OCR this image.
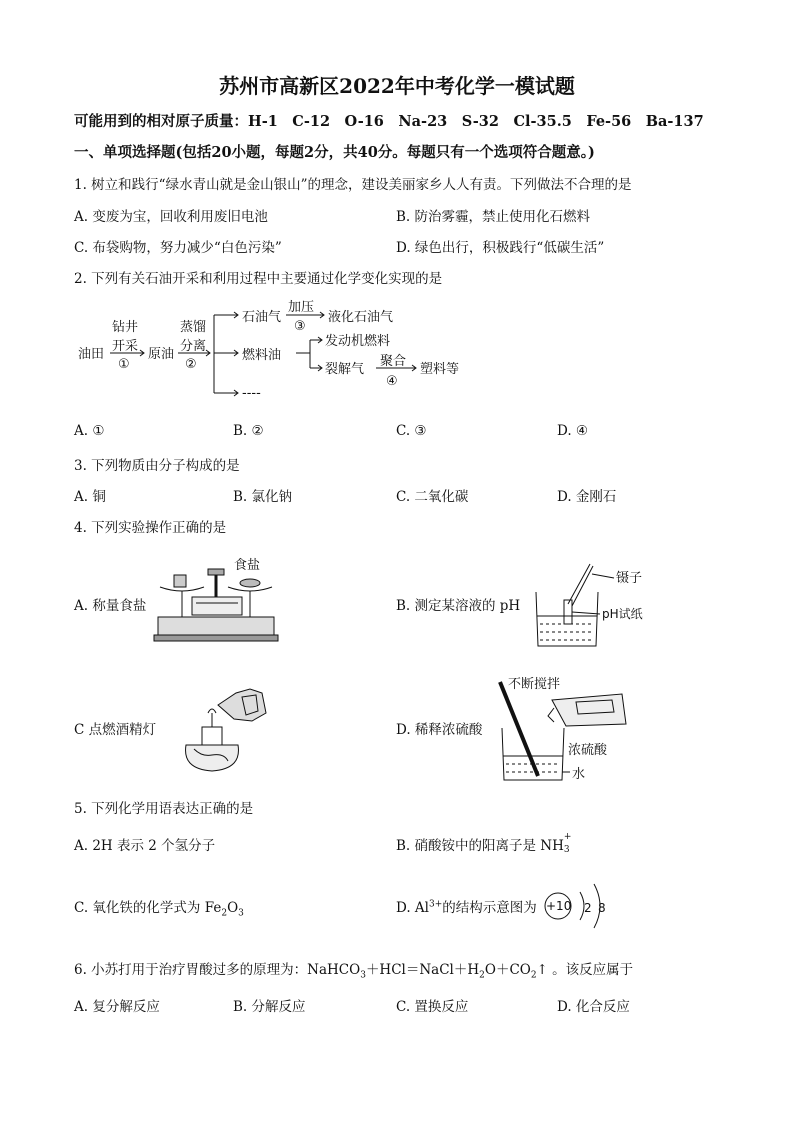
苏州市高新区2022年中考化学一模试题
可能用到的相对原子质量：H-1　C-12　O-16　Na-23　S-32　Cl-35.5　Fe-56　Ba-137
一、单项选择题(包括20小题，每题2分，共40分。每题只有一个选项符合题意。)
1. 树立和践行“绿水青山就是金山银山”的理念，建设美丽家乡人人有责。下列做法不合理的是
A. 变废为宝，回收利用废旧电池	B. 防治雾霾，禁止使用化石燃料
C. 布袋购物，努力减少“白色污染”	D. 绿色出行，积极践行“低碳生活”
2. 下列有关石油开采和利用过程中主要通过化学变化实现的是
油田
钻井
开采
①
原油
蒸馏
分离
②
石油气
加压
③
液化石油气
燃料油
发动机燃料
裂解气
聚合
④
塑料等
----
A. ①	B. ②	C. ③	D. ④
3. 下列物质由分子构成的是
A. 铜	B. 氯化钠	C. 二氧化碳	D. 金刚石
4. 下列实验操作正确的是
A. 称量食盐
食盐
B. 测定某溶液的 pH
镊子
pH试纸
C 点燃酒精灯	D. 稀释浓硫酸
不断搅拌
浓硫酸
水
5. 下列化学用语表达正确的是
A. 2H 表示 2 个氢分子	B. 硝酸铵中的阳离子是 NH
+
3
C. 氧化铁的化学式为 $Fe_2O_3$	D. $Al^{3+}$的结构示意图为 +10 2 8
6. 小苏打用于治疗胃酸过多的原理为：$NaHCO_3+HCl=NaCl+H_2O+CO_2↑$ 。该反应属于
A. 复分解反应	B. 分解反应	C. 置换反应	D. 化合反应
